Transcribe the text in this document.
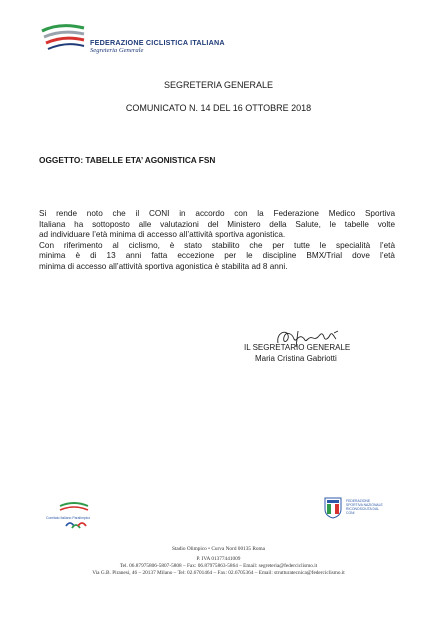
FEDERAZIONE CICLISTICA ITALIANA
Segreteria Generale
SEGRETERIA GENERALE
COMUNICATO N. 14 DEL 16 OTTOBRE 2018
OGGETTO: TABELLE ETA’ AGONISTICA FSN
Si rende noto che il CONI in accordo con la Federazione Medico Sportiva
Italiana ha sottoposto alle valutazioni del Ministero della Salute, le tabelle volte
ad individuare l’età minima di accesso all’attività sportiva agonistica.
Con riferimento al ciclismo, è stato stabilito che per tutte le specialità l’età
minima è di 13 anni fatta eccezione per le discipline BMX/Trial dove l’età
minima di accesso all’attività sportiva agonistica è stabilita ad 8 anni.
IL SEGRETARIO GENERALE
Maria Cristina Gabriotti
Comitato Italiano Paralimpico
FEDERAZIONE SPORTIVA NAZIONALE RICONOSCIUTA DAL CONI
Stadio Olimpico • Curva Nord 00135 Roma
P. IVA 01377441009
Tel. 06.87975806-5807-5808 – Fax: 06.87975863-5864 – Email: segreteria@federciclismo.it
Via G.B. Piranesi, 46 – 20137 Milano – Tel: 02.6701464 – Fax: 02.6705364 – Email: strutturatecnica@federciclismo.it
